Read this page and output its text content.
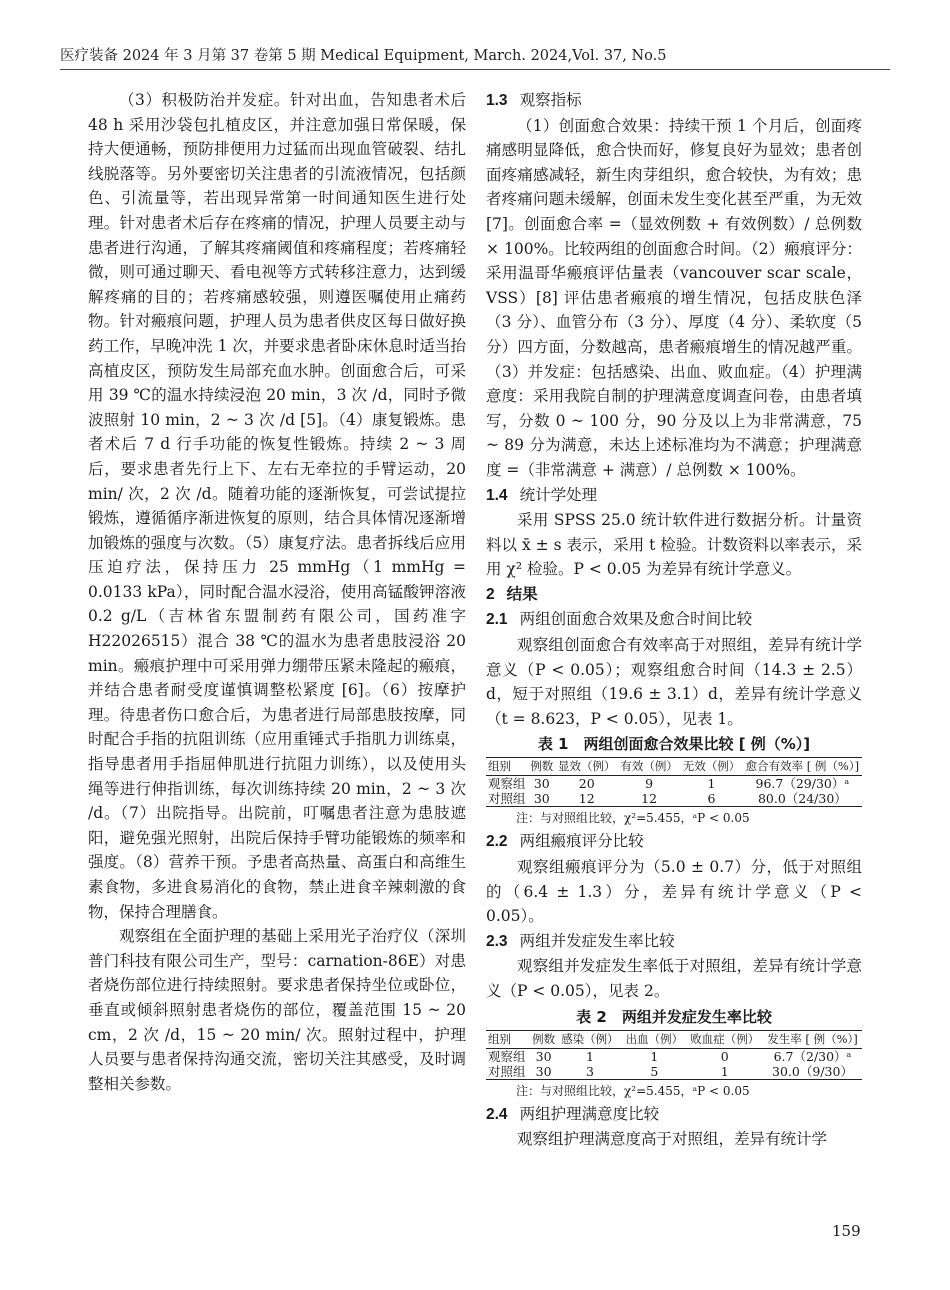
医疗装备 2024 年 3 月第 37 卷第 5 期 Medical Equipment, March. 2024,Vol. 37, No.5

（3）积极防治并发症。针对出血，告知患者术后48 h 采用沙袋包扎植皮区，并注意加强日常保暖，保持大便通畅，预防排便用力过猛而出现血管破裂、结扎线脱落等。另外要密切关注患者的引流液情况，包括颜色、引流量等，若出现异常第一时间通知医生进行处理。针对患者术后存在疼痛的情况，护理人员要主动与患者进行沟通，了解其疼痛阈值和疼痛程度；若疼痛轻微，则可通过聊天、看电视等方式转移注意力，达到缓解疼痛的目的；若疼痛感较强，则遵医嘱使用止痛药物。针对瘢痕问题，护理人员为患者供皮区每日做好换药工作，早晚冲洗 1 次，并要求患者卧床休息时适当抬高植皮区，预防发生局部充血水肿。创面愈合后，可采用 39 ℃的温水持续浸泡 20 min，3 次 /d，同时予微波照射 10 min，2 ~ 3 次 /d [5]。（4）康复锻炼。患者术后 7 d 行手功能的恢复性锻炼。持续 2 ~ 3 周后，要求患者先行上下、左右无牵拉的手臂运动，20 min/ 次，2 次 /d。随着功能的逐渐恢复，可尝试提拉锻炼，遵循循序渐进恢复的原则，结合具体情况逐渐增加锻炼的强度与次数。（5）康复疗法。患者拆线后应用压迫疗法，保持压力 25 mmHg（1 mmHg = 0.0133 kPa），同时配合温水浸浴，使用高锰酸钾溶液 0.2 g/L（吉林省东盟制药有限公司，国药准字 H22026515）混合 38 ℃的温水为患者患肢浸浴 20 min。瘢痕护理中可采用弹力绷带压紧未隆起的瘢痕，并结合患者耐受度谨慎调整松紧度 [6]。（6）按摩护理。待患者伤口愈合后，为患者进行局部患肢按摩，同时配合手指的抗阻训练（应用重锤式手指肌力训练桌，指导患者用手指屈伸肌进行抗阻力训练），以及使用头绳等进行伸指训练，每次训练持续 20 min，2 ~ 3 次 /d。（7）出院指导。出院前，叮嘱患者注意为患肢遮阳，避免强光照射，出院后保持手臂功能锻炼的频率和强度。（8）营养干预。予患者高热量、高蛋白和高维生素食物，多进食易消化的食物，禁止进食辛辣刺激的食物，保持合理膳食。

观察组在全面护理的基础上采用光子治疗仪（深圳普门科技有限公司生产，型号：carnation-86E）对患者烧伤部位进行持续照射。要求患者保持坐位或卧位，垂直或倾斜照射患者烧伤的部位，覆盖范围 15 ~ 20 cm，2 次 /d，15 ~ 20 min/ 次。照射过程中，护理人员要与患者保持沟通交流，密切关注其感受，及时调整相关参数。

1.3 观察指标

（1）创面愈合效果：持续干预 1 个月后，创面疼痛感明显降低，愈合快而好，修复良好为显效；患者创面疼痛感减轻，新生肉芽组织，愈合较快，为有效；患者疼痛问题未缓解，创面未发生变化甚至严重，为无效 [7]。创面愈合率 =（显效例数 + 有效例数）/ 总例数 × 100%。比较两组的创面愈合时间。（2）瘢痕评分：采用温哥华瘢痕评估量表（vancouver scar scale，VSS）[8] 评估患者瘢痕的增生情况，包括皮肤色泽（3 分）、血管分布（3 分）、厚度（4 分）、柔软度（5 分）四方面，分数越高，患者瘢痕增生的情况越严重。（3）并发症：包括感染、出血、败血症。（4）护理满意度：采用我院自制的护理满意度调查问卷，由患者填写，分数 0 ~ 100 分，90 分及以上为非常满意，75 ~ 89 分为满意，未达上述标准均为不满意；护理满意度 =（非常满意 + 满意）/ 总例数 × 100%。

1.4 统计学处理

采用 SPSS 25.0 统计软件进行数据分析。计量资料以 x̄ ± s 表示，采用 t 检验。计数资料以率表示，采用 χ² 检验。P < 0.05 为差异有统计学意义。

2 结果
2.1 两组创面愈合效果及愈合时间比较

观察组创面愈合有效率高于对照组，差异有统计学意义（P < 0.05）；观察组愈合时间（14.3 ± 2.5）d，短于对照组（19.6 ± 3.1）d，差异有统计学意义（t = 8.623，P < 0.05），见表 1。

表 1　两组创面愈合效果比较 [ 例（%）]
组别	例数	显效（例）	有效（例）	无效（例）	愈合有效率 [ 例（%）]
观察组	30	20	9	1	96.7（29/30）ᵃ
对照组	30	12	12	6	80.0（24/30）
注：与对照组比较，χ²=5.455，ᵃP < 0.05
2.2 两组瘢痕评分比较

观察组瘢痕评分为（5.0 ± 0.7）分，低于对照组的（6.4 ± 1.3）分，差异有统计学意义（P < 0.05）。

2.3 两组并发症发生率比较

观察组并发症发生率低于对照组，差异有统计学意义（P < 0.05），见表 2。

表 2　两组并发症发生率比较
组别	例数	感染（例）	出血（例）	败血症（例）	发生率 [ 例（%）]
观察组	30	1	1	0	6.7（2/30）ᵃ
对照组	30	3	5	1	30.0（9/30）
注：与对照组比较，χ²=5.455，ᵃP < 0.05
2.4 两组护理满意度比较

观察组护理满意度高于对照组，差异有统计学

159
